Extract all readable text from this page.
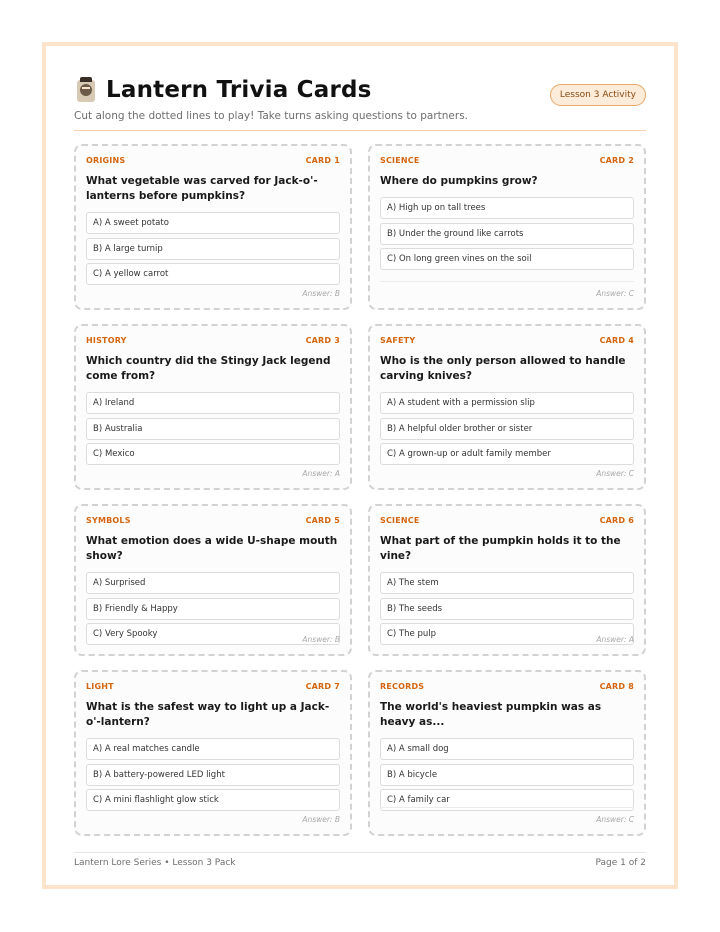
Lantern Trivia Cards
Cut along the dotted lines to play! Take turns asking questions to partners.
Lesson 3 Activity
ORIGINS	CARD 1
What vegetable was carved for Jack-o'-lanterns before pumpkins?
A) A sweet potato
B) A large turnip
C) A yellow carrot
Answer: B
SCIENCE	CARD 2
Where do pumpkins grow?
A) High up on tall trees
B) Under the ground like carrots
C) On long green vines on the soil
Answer: C
HISTORY	CARD 3
Which country did the Stingy Jack legend come from?
A) Ireland
B) Australia
C) Mexico
Answer: A
SAFETY	CARD 4
Who is the only person allowed to handle carving knives?
A) A student with a permission slip
B) A helpful older brother or sister
C) A grown-up or adult family member
Answer: C
SYMBOLS	CARD 5
What emotion does a wide U-shape mouth show?
A) Surprised
B) Friendly & Happy
C) Very Spooky
Answer: B
SCIENCE	CARD 6
What part of the pumpkin holds it to the vine?
A) The stem
B) The seeds
C) The pulp
Answer: A
LIGHT	CARD 7
What is the safest way to light up a Jack-o'-lantern?
A) A real matches candle
B) A battery-powered LED light
C) A mini flashlight glow stick
Answer: B
RECORDS	CARD 8
The world's heaviest pumpkin was as heavy as...
A) A small dog
B) A bicycle
C) A family car
Answer: C
Lantern Lore Series • Lesson 3 Pack	Page 1 of 2
